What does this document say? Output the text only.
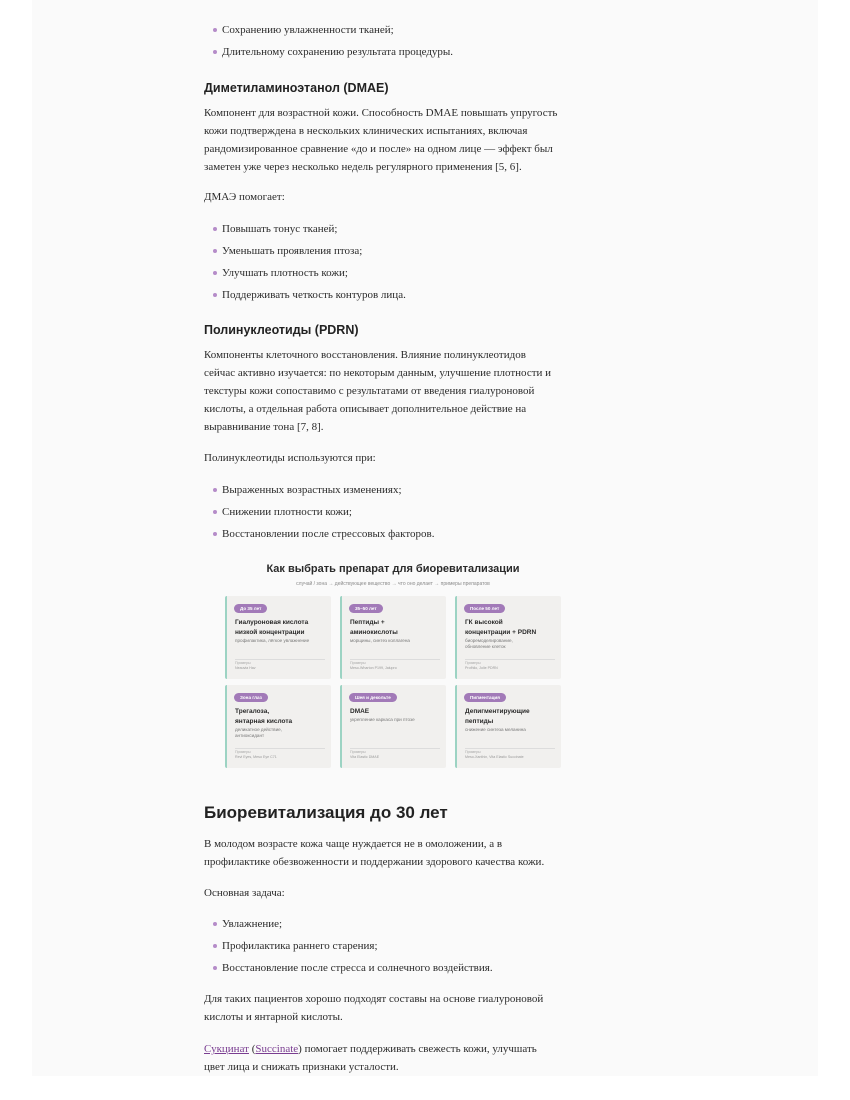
Сохранению увлажненности тканей;
Длительному сохранению результата процедуры.
Диметиламиноэтанол (DMAE)

Компонент для возрастной кожи. Способность DMAE повышать упругость

кожи подтверждена в нескольких клинических испытаниях, включая

рандомизированное сравнение «до и после» на одном лице — эффект был

заметен уже через несколько недель регулярного применения [5, 6].

ДМАЭ помогает:

Повышать тонус тканей;
Уменьшать проявления птоза;
Улучшать плотность кожи;
Поддерживать четкость контуров лица.
Полинуклеотиды (PDRN)

Компоненты клеточного восстановления. Влияние полинуклеотидов

сейчас активно изучается: по некоторым данным, улучшение плотности и

текстуры кожи сопоставимо с результатами от введения гиалуроновой

кислоты, а отдельная работа описывает дополнительное действие на

выравнивание тона [7, 8].

Полинуклеотиды используются при:

Выраженных возрастных изменениях;
Снижении плотности кожи;
Восстановлении после стрессовых факторов.
Биоревитализация до 30 лет

В молодом возрасте кожа чаще нуждается не в омоложении, а в

профилактике обезвоженности и поддержании здорового качества кожи.

Основная задача:

Увлажнение;
Профилактика раннего старения;
Восстановление после стресса и солнечного воздействия.

Для таких пациентов хорошо подходят составы на основе гиалуроновой

кислоты и янтарной кислоты.

Сукцинат (Succinate) помогает поддерживать свежесть кожи, улучшать

цвет лица и снижать признаки усталости.

Как выбрать препарат для биоревитализации
случай / зона → действующее вещество → что оно делает → примеры препаратов
До 35 лет
Гиалуроновая кислота
низкой концентрации
профилактика, лёгкое увлажнение
Примеры
Neauvia Hav
35–50 лет
Пептиды +
аминокислоты
морщины, синтез коллагена
Примеры
Meso-Wharton P199, Jalupro
После 50 лет
ГК высокой
концентрации + PDRN
биоремоделирование,
обновление клеток
Примеры
Profhilo, Jolie PDRN
Зона глаз
Трегалоза,
янтарная кислота
деликатное действие,
антиоксидант
Примеры
Revi Eyes, Meso Eye C71
Шея и декольте
DMAE
укрепление каркаса при птозе
Примеры
Vita Elastic DMAE
Пигментация
Депигментирующие
пептиды
снижение синтеза меланина
Примеры
Meso-Xanthin, Vita Elastic Succinate
